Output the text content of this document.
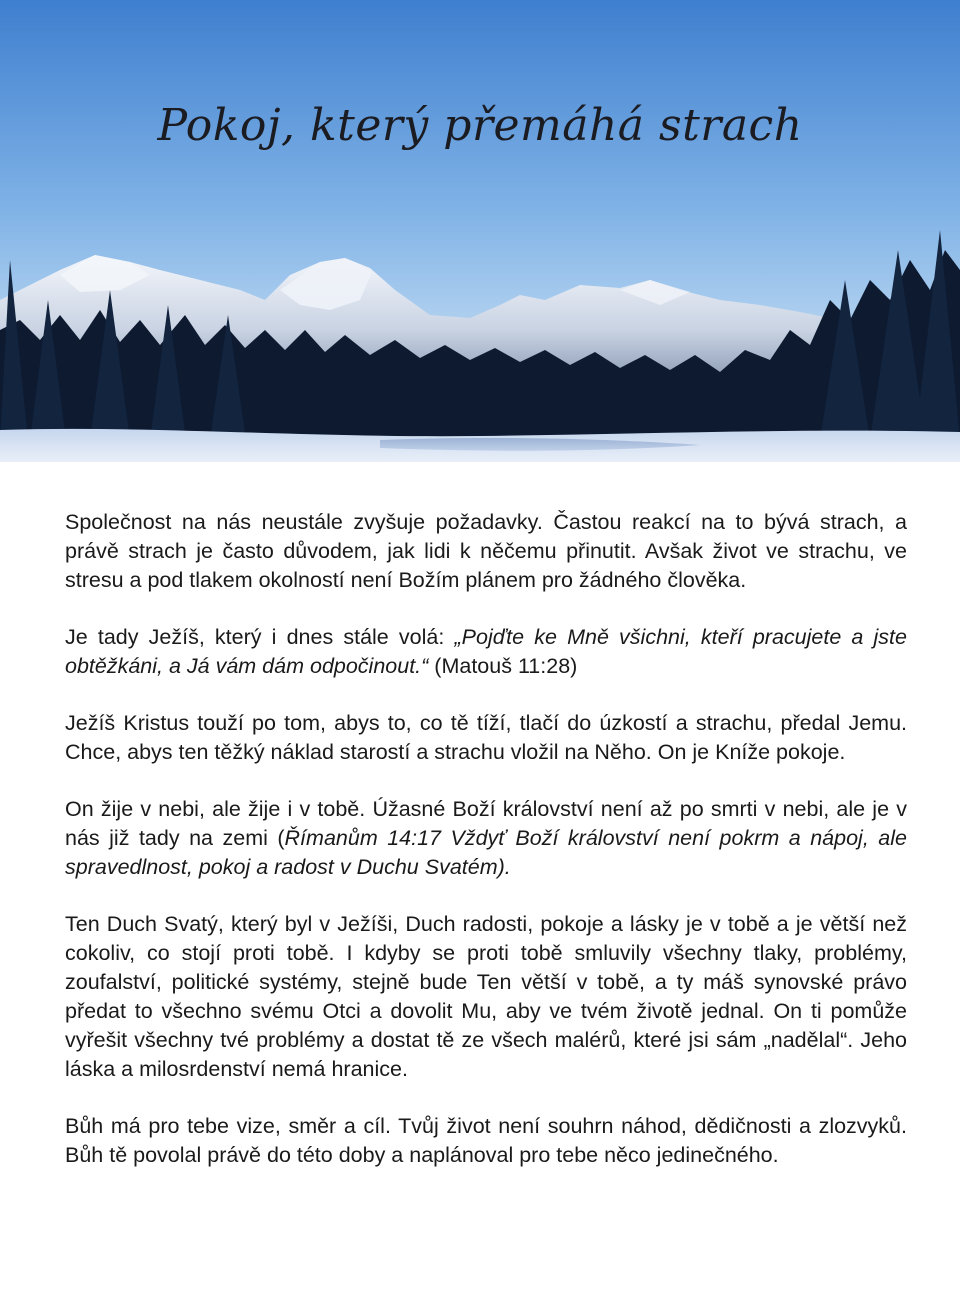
Pokoj, který přemáhá strach

Společnost na nás neustále zvyšuje požadavky. Častou reakcí na to bývá strach, a právě strach je často důvodem, jak lidi k něčemu přinutit. Avšak život ve strachu, ve stresu a pod tlakem okolností není Božím plánem pro žádného člověka.

Je tady Ježíš, který i dnes stále volá: „Pojďte ke Mně všichni, kteří pracujete a jste obtěžkáni, a Já vám dám odpočinout.“ (Matouš 11:28)

Ježíš Kristus touží po tom, abys to, co tě tíží, tlačí do úzkostí a strachu, předal Jemu. Chce, abys ten těžký náklad starostí a strachu vložil na Něho. On je Kníže pokoje.

On žije v nebi, ale žije i v tobě. Úžasné Boží království není až po smrti v nebi, ale je v nás již tady na zemi (Římanům 14:17 Vždyť Boží království není pokrm a nápoj, ale spravedlnost, pokoj a radost v Duchu Svatém).

Ten Duch Svatý, který byl v Ježíši, Duch radosti, pokoje a lásky je v tobě a je větší než cokoliv, co stojí proti tobě. I kdyby se proti tobě smluvily všechny tlaky, problémy, zoufalství, politické systémy, stejně bude Ten větší v tobě, a ty máš synovské právo předat to všechno svému Otci a dovolit Mu, aby ve tvém životě jednal. On ti pomůže vyřešit všechny tvé problémy a dostat tě ze všech malérů, které jsi sám „nadělal“. Jeho láska a milosrdenství nemá hranice.

Bůh má pro tebe vize, směr a cíl. Tvůj život není souhrn náhod, dědičnosti a zlozvyků. Bůh tě povolal právě do této doby a naplánoval pro tebe něco jedinečného.
